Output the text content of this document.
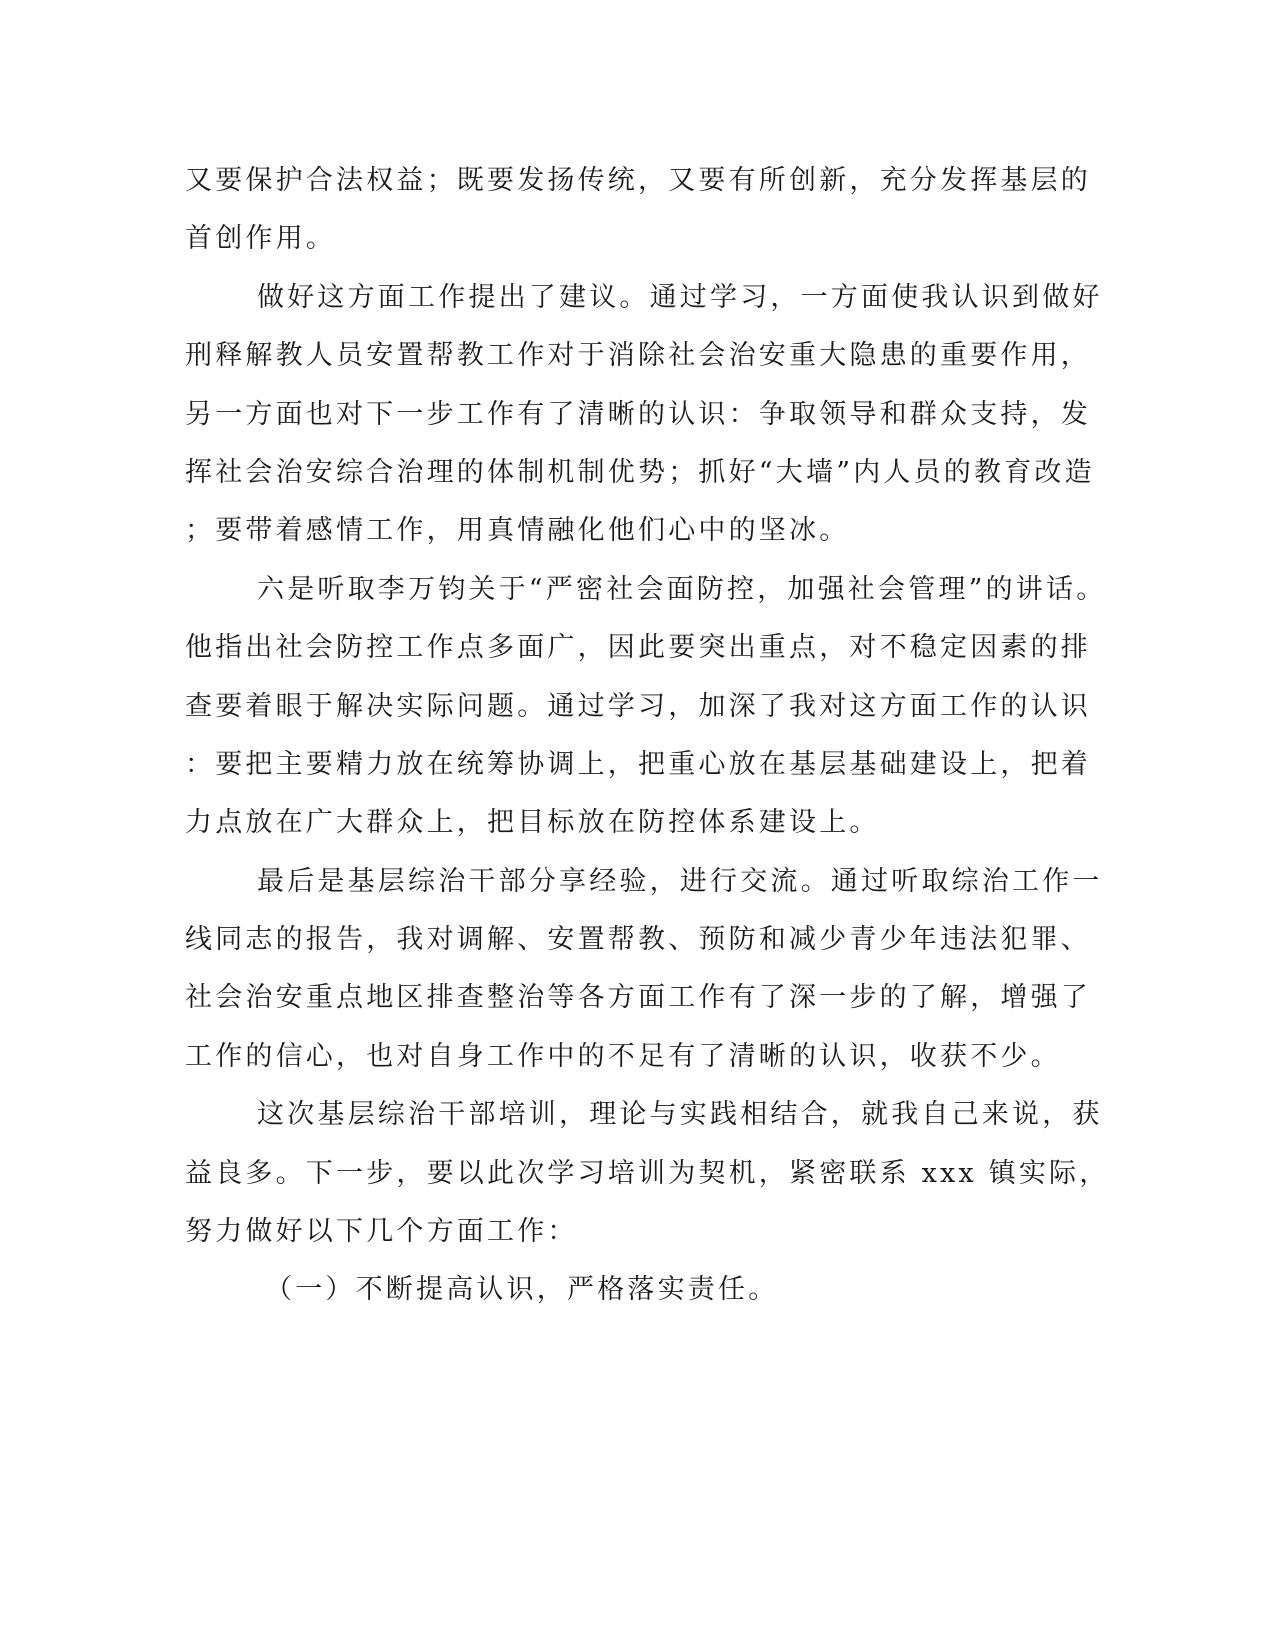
又要保护合法权益；既要发扬传统，又要有所创新，充分发挥基层的
首创作用。
做好这方面工作提出了建议。通过学习，一方面使我认识到做好
刑释解教人员安置帮教工作对于消除社会治安重大隐患的重要作用，
另一方面也对下一步工作有了清晰的认识：争取领导和群众支持，发
挥社会治安综合治理的体制机制优势；抓好“大墙”内人员的教育改造
；要带着感情工作，用真情融化他们心中的坚冰。
六是听取李万钧关于“严密社会面防控，加强社会管理”的讲话。
他指出社会防控工作点多面广，因此要突出重点，对不稳定因素的排
查要着眼于解决实际问题。通过学习，加深了我对这方面工作的认识
：要把主要精力放在统筹协调上，把重心放在基层基础建设上，把着
力点放在广大群众上，把目标放在防控体系建设上。
最后是基层综治干部分享经验，进行交流。通过听取综治工作一
线同志的报告，我对调解、安置帮教、预防和减少青少年违法犯罪、
社会治安重点地区排查整治等各方面工作有了深一步的了解，增强了
工作的信心，也对自身工作中的不足有了清晰的认识，收获不少。
这次基层综治干部培训，理论与实践相结合，就我自己来说，获
益良多。下一步，要以此次学习培训为契机，紧密联系 xxx 镇实际，
努力做好以下几个方面工作：
（一）不断提高认识，严格落实责任。
